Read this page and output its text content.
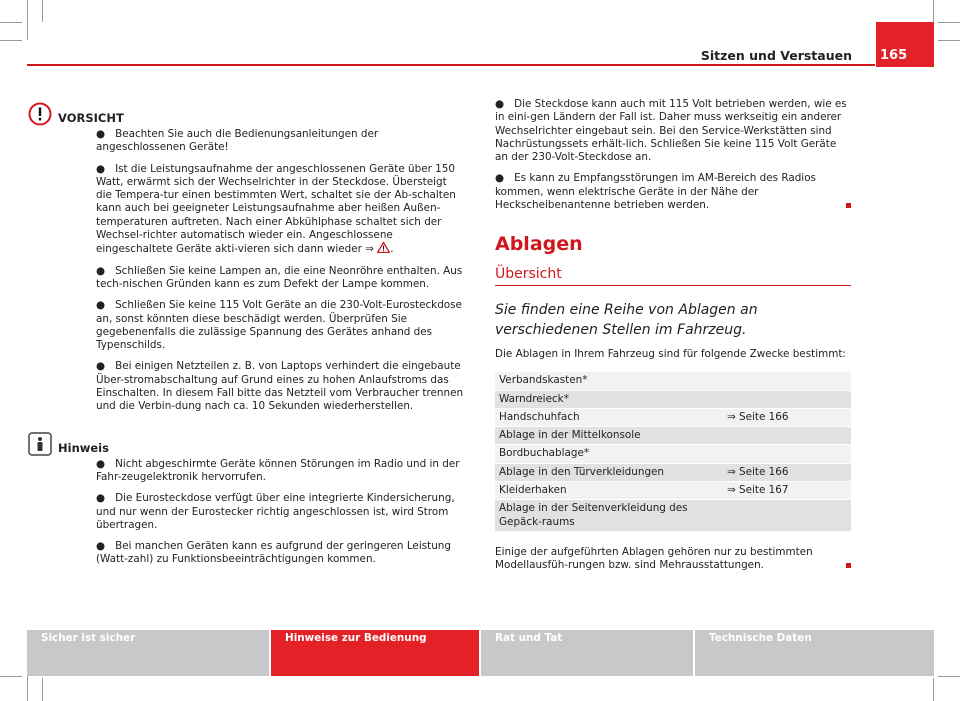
Sitzen und Verstauen 165
VORSICHT

● Beachten Sie auch die Bedienungsanleitungen der angeschlossenen Geräte!

● Ist die Leistungsaufnahme der angeschlossenen Geräte über 150 Watt, erwärmt sich der Wechselrichter in der Steckdose. Übersteigt die Tempera-tur einen bestimmten Wert, schaltet sie der Ab-schalten kann auch bei geeigneter Leistungsaufnahme aber heißen Außen-temperaturen auftreten. Nach einer Abkühlphase schaltet sich der Wechsel-richter automatisch wieder ein. Angeschlossene eingeschaltete Geräte akti-vieren sich dann wieder ⇒ .

● Schließen Sie keine Lampen an, die eine Neonröhre enthalten. Aus tech-nischen Gründen kann es zum Defekt der Lampe kommen.

● Schließen Sie keine 115 Volt Geräte an die 230-Volt-Eurosteckdose an, sonst könnten diese beschädigt werden. Überprüfen Sie gegebenenfalls die zulässige Spannung des Gerätes anhand des Typenschilds.

● Bei einigen Netzteilen z. B. von Laptops verhindert die eingebaute Über-stromabschaltung auf Grund eines zu hohen Anlaufstroms das Einschalten. In diesem Fall bitte das Netzteil vom Verbraucher trennen und die Verbin-dung nach ca. 10 Sekunden wiederherstellen.

Hinweis

● Nicht abgeschirmte Geräte können Störungen im Radio und in der Fahr-zeugelektronik hervorrufen.

● Die Eurosteckdose verfügt über eine integrierte Kindersicherung, und nur wenn der Eurostecker richtig angeschlossen ist, wird Strom übertragen.

● Bei manchen Geräten kann es aufgrund der geringeren Leistung (Watt-zahl) zu Funktionsbeeinträchtigungen kommen.

● Die Steckdose kann auch mit 115 Volt betrieben werden, wie es in eini-gen Ländern der Fall ist. Daher muss werkseitig ein anderer Wechselrichter eingebaut sein. Bei den Service-Werkstätten sind Nachrüstungssets erhält-lich. Schließen Sie keine 115 Volt Geräte an der 230-Volt-Steckdose an.

● Es kann zu Empfangsstörungen im AM-Bereich des Radios kommen, wenn elektrische Geräte in der Nähe der Heckscheibenantenne betrieben werden.

Ablagen
Übersicht

Sie finden eine Reihe von Ablagen an verschiedenen Stellen im Fahrzeug.

Die Ablagen in Ihrem Fahrzeug sind für folgende Zwecke bestimmt:

Verbandskasten*	
Warndreieck*	
Handschuhfach	⇒ Seite 166
Ablage in der Mittelkonsole	
Bordbuchablage*	
Ablage in den Türverkleidungen	⇒ Seite 166
Kleiderhaken	⇒ Seite 167
Ablage in der Seitenverkleidung des Gepäck-raums	

Einige der aufgeführten Ablagen gehören nur zu bestimmten Modellausfüh-rungen bzw. sind Mehrausstattungen.

Sicher ist sicher	Hinweise zur Bedienung	Rat und Tat	Technische Daten
